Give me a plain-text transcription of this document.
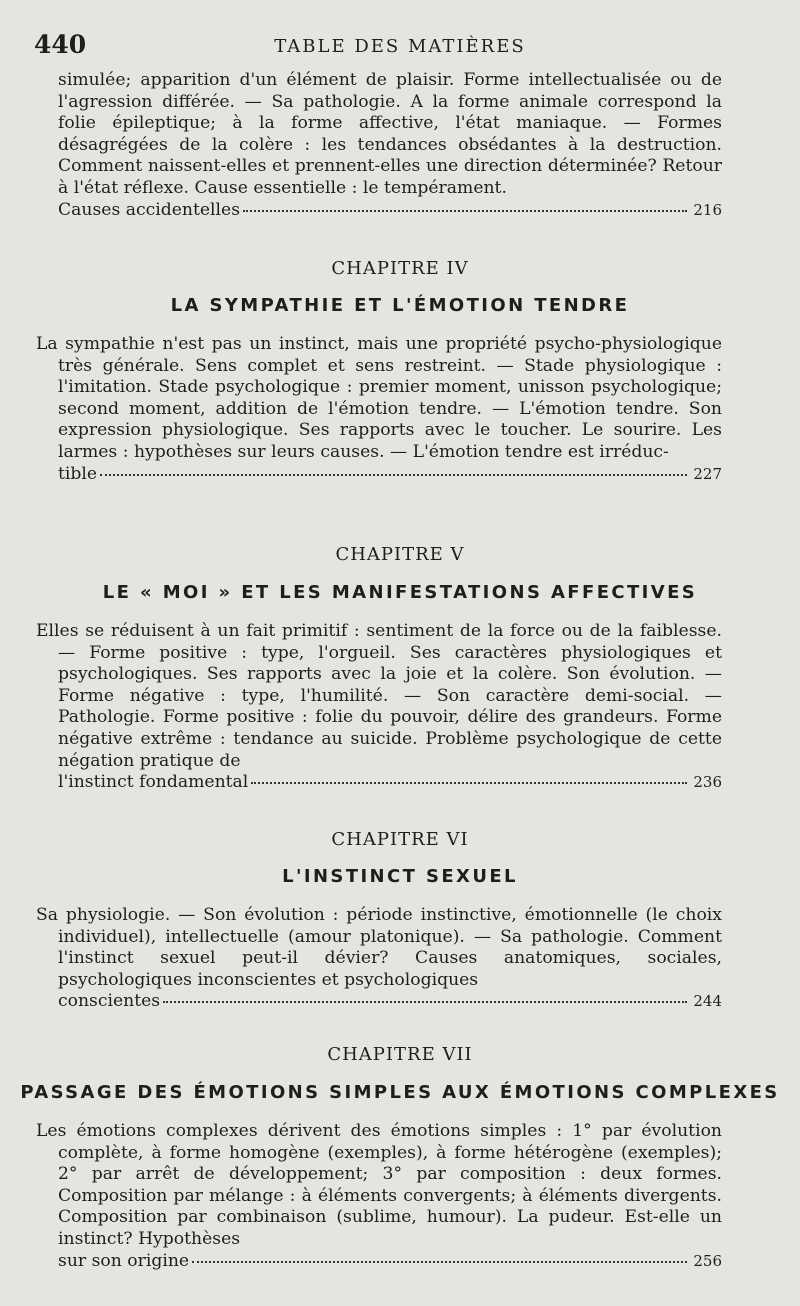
440	TABLE DES MATIÈRES
simulée; apparition d'un élément de plaisir. Forme intellectualisée ou de l'agression différée. — Sa pathologie. A la forme animale correspond la folie épileptique; à la forme affective, l'état maniaque. — Formes désagrégées de la colère : les tendances obsédantes à la destruction. Comment naissent-elles et prennent-elles une direction déterminée? Retour à l'état réflexe. Cause essentielle : le tempérament.
Causes accidentelles	216
CHAPITRE IV
LA SYMPATHIE ET L'ÉMOTION TENDRE
La sympathie n'est pas un instinct, mais une propriété psycho-physiologique très générale. Sens complet et sens restreint. — Stade physiologique : l'imitation. Stade psychologique : premier moment, unisson psychologique; second moment, addition de l'émotion tendre. — L'émotion tendre. Son expression physiologique. Ses rapports avec le toucher. Le sourire. Les larmes : hypothèses sur leurs causes. — L'émotion tendre est irréduc-
tible	227
CHAPITRE V
LE « MOI » ET LES MANIFESTATIONS AFFECTIVES
Elles se réduisent à un fait primitif : sentiment de la force ou de la faiblesse. — Forme positive : type, l'orgueil. Ses caractères physiologiques et psychologiques. Ses rapports avec la joie et la colère. Son évolution. — Forme négative : type, l'humilité. — Son caractère demi-social. — Pathologie. Forme positive : folie du pouvoir, délire des grandeurs. Forme négative extrême : tendance au suicide. Problème psychologique de cette négation pratique de
l'instinct fondamental	236
CHAPITRE VI
L'INSTINCT SEXUEL
Sa physiologie. — Son évolution : période instinctive, émotionnelle (le choix individuel), intellectuelle (amour platonique). — Sa pathologie. Comment l'instinct sexuel peut-il dévier? Causes anatomiques, sociales, psychologiques inconscientes et psychologiques
conscientes	244
CHAPITRE VII
PASSAGE DES ÉMOTIONS SIMPLES AUX ÉMOTIONS COMPLEXES
Les émotions complexes dérivent des émotions simples : 1° par évolution complète, à forme homogène (exemples), à forme hétérogène (exemples); 2° par arrêt de développement; 3° par composition : deux formes. Composition par mélange : à éléments convergents; à éléments divergents. Composition par combinaison (sublime, humour). La pudeur. Est-elle un instinct? Hypothèses
sur son origine	256
